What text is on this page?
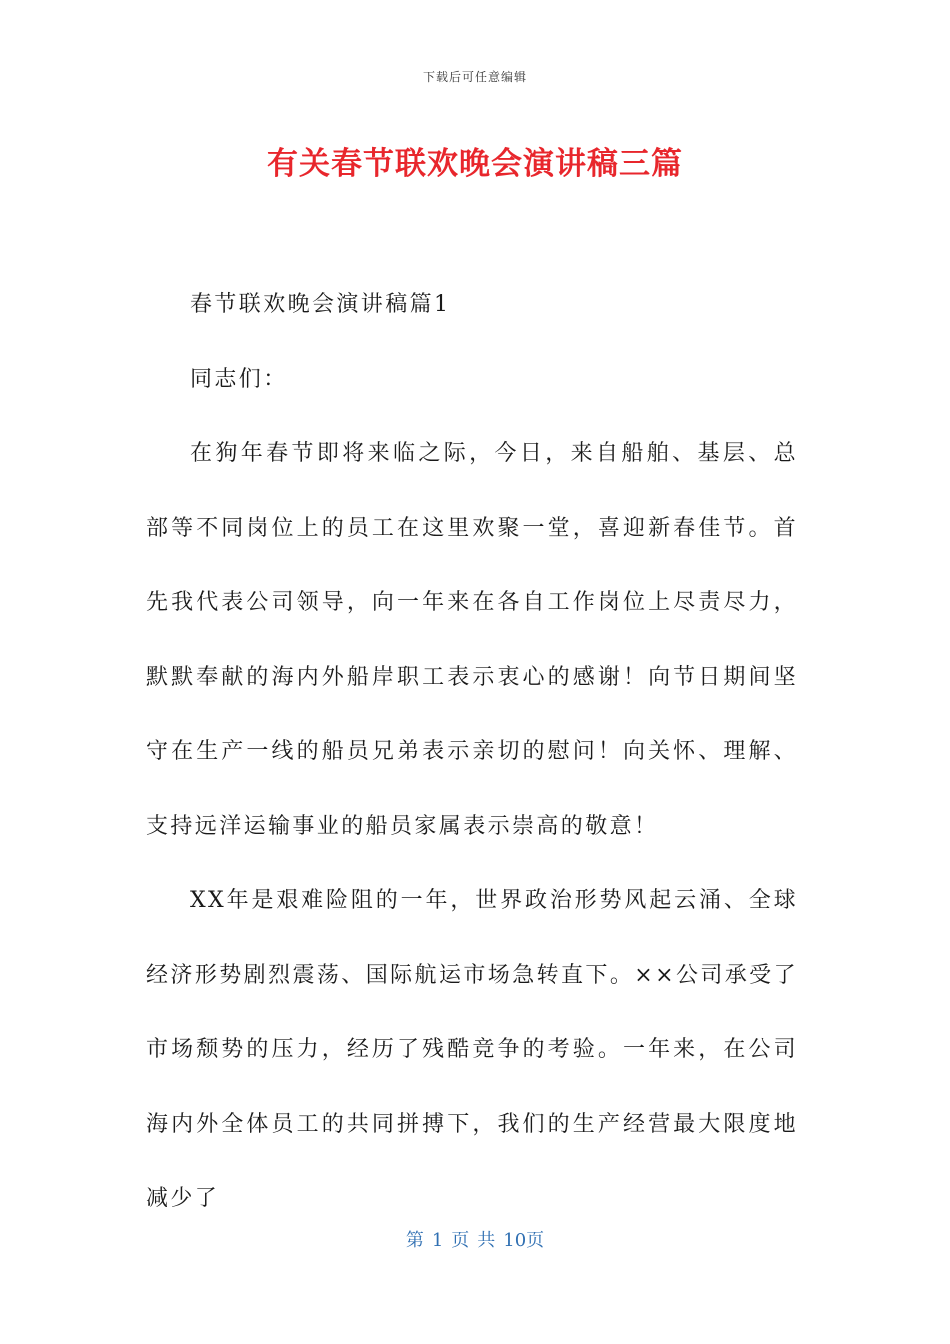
下载后可任意编辑
有关春节联欢晚会演讲稿三篇

春节联欢晚会演讲稿篇1

同志们：

在狗年春节即将来临之际，今日，来自船舶、基层、总部等不同岗位上的员工在这里欢聚一堂，喜迎新春佳节。首先我代表公司领导，向一年来在各自工作岗位上尽责尽力，默默奉献的海内外船岸职工表示衷心的感谢！向节日期间坚守在生产一线的船员兄弟表示亲切的慰问！向关怀、理解、支持远洋运输事业的船员家属表示崇高的敬意！

XX年是艰难险阻的一年，世界政治形势风起云涌、全球经济形势剧烈震荡、国际航运市场急转直下。××公司承受了市场颓势的压力，经历了残酷竞争的考验。一年来，在公司海内外全体员工的共同拼搏下，我们的生产经营最大限度地减少了

第 1 页 共 10页
